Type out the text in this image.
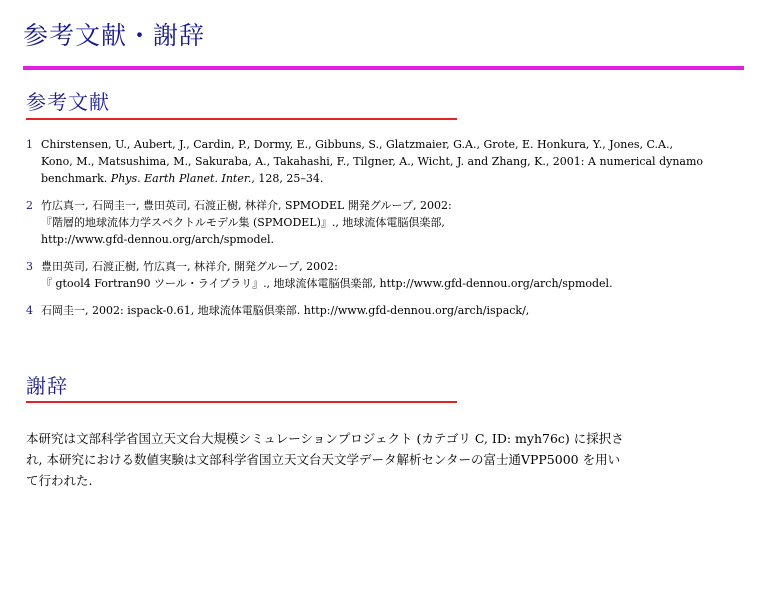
参考文献・謝辞
参考文献
1 Chirstensen, U., Aubert, J., Cardin, P., Dormy, E., Gibbuns, S., Glatzmaier, G.A., Grote, E. Honkura, Y., Jones, C.A.,
Kono, M., Matsushima, M., Sakuraba, A., Takahashi, F., Tilgner, A., Wicht, J. and Zhang, K., 2001: A numerical dynamo
benchmark. Phys. Earth Planet. Inter., 128, 25–34.
2 竹広真一, 石岡圭一, 豊田英司, 石渡正樹, 林祥介, SPMODEL 開発グループ, 2002:
『階層的地球流体力学スペクトルモデル集 (SPMODEL)』., 地球流体電脳倶楽部,
http://www.gfd-dennou.org/arch/spmodel.
3 豊田英司, 石渡正樹, 竹広真一, 林祥介, 開発グループ, 2002:
『 gtool4 Fortran90 ツール・ライブラリ』., 地球流体電脳倶楽部, http://www.gfd-dennou.org/arch/spmodel.
4 石岡圭一, 2002: ispack-0.61, 地球流体電脳倶楽部. http://www.gfd-dennou.org/arch/ispack/,
謝辞

本研究は文部科学省国立天文台大規模シミュレーションプロジェクト (カテゴリ C, ID: myh76c) に採択さ
れ, 本研究における数値実験は文部科学省国立天文台天文学データ解析センターの富士通VPP5000 を用い
て行われた.
